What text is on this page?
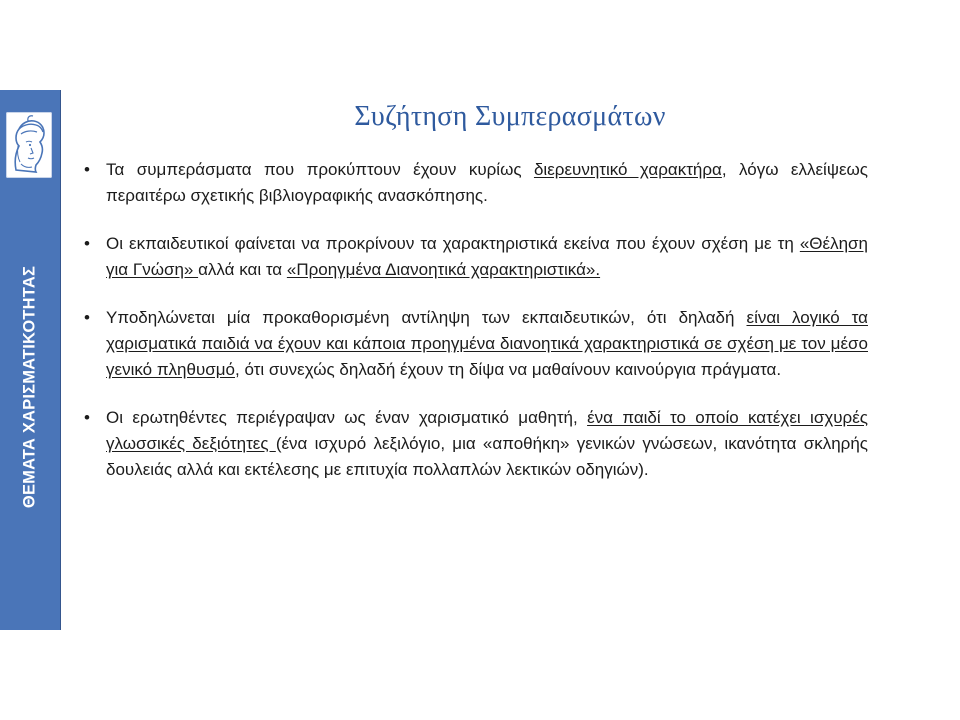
ΘΕΜΑΤΑ ΧΑΡΙΣΜΑΤΙΚΟΤΗΤΑΣ
Συζήτηση Συμπερασμάτων
• Τα συμπεράσματα που προκύπτουν έχουν κυρίως διερευνητικό χαρακτήρα, λόγω ελλείψεως περαιτέρω σχετικής βιβλιογραφικής ανασκόπησης.
• Οι εκπαιδευτικοί φαίνεται να προκρίνουν τα χαρακτηριστικά εκείνα που έχουν σχέση με τη «Θέληση για Γνώση» αλλά και τα «Προηγμένα Διανοητικά χαρακτηριστικά».
• Υποδηλώνεται μία προκαθορισμένη αντίληψη των εκπαιδευτικών, ότι δηλαδή είναι λογικό τα χαρισματικά παιδιά να έχουν και κάποια προηγμένα διανοητικά χαρακτηριστικά σε σχέση με τον μέσο γενικό πληθυσμό, ότι συνεχώς δηλαδή έχουν τη δίψα να μαθαίνουν καινούργια πράγματα.
• Οι ερωτηθέντες περιέγραψαν ως έναν χαρισματικό μαθητή, ένα παιδί το οποίο κατέχει ισχυρές γλωσσικές δεξιότητες (ένα ισχυρό λεξιλόγιο, μια «αποθήκη» γενικών γνώσεων, ικανότητα σκληρής δουλειάς αλλά και εκτέλεσης με επιτυχία πολλαπλών λεκτικών οδηγιών).
